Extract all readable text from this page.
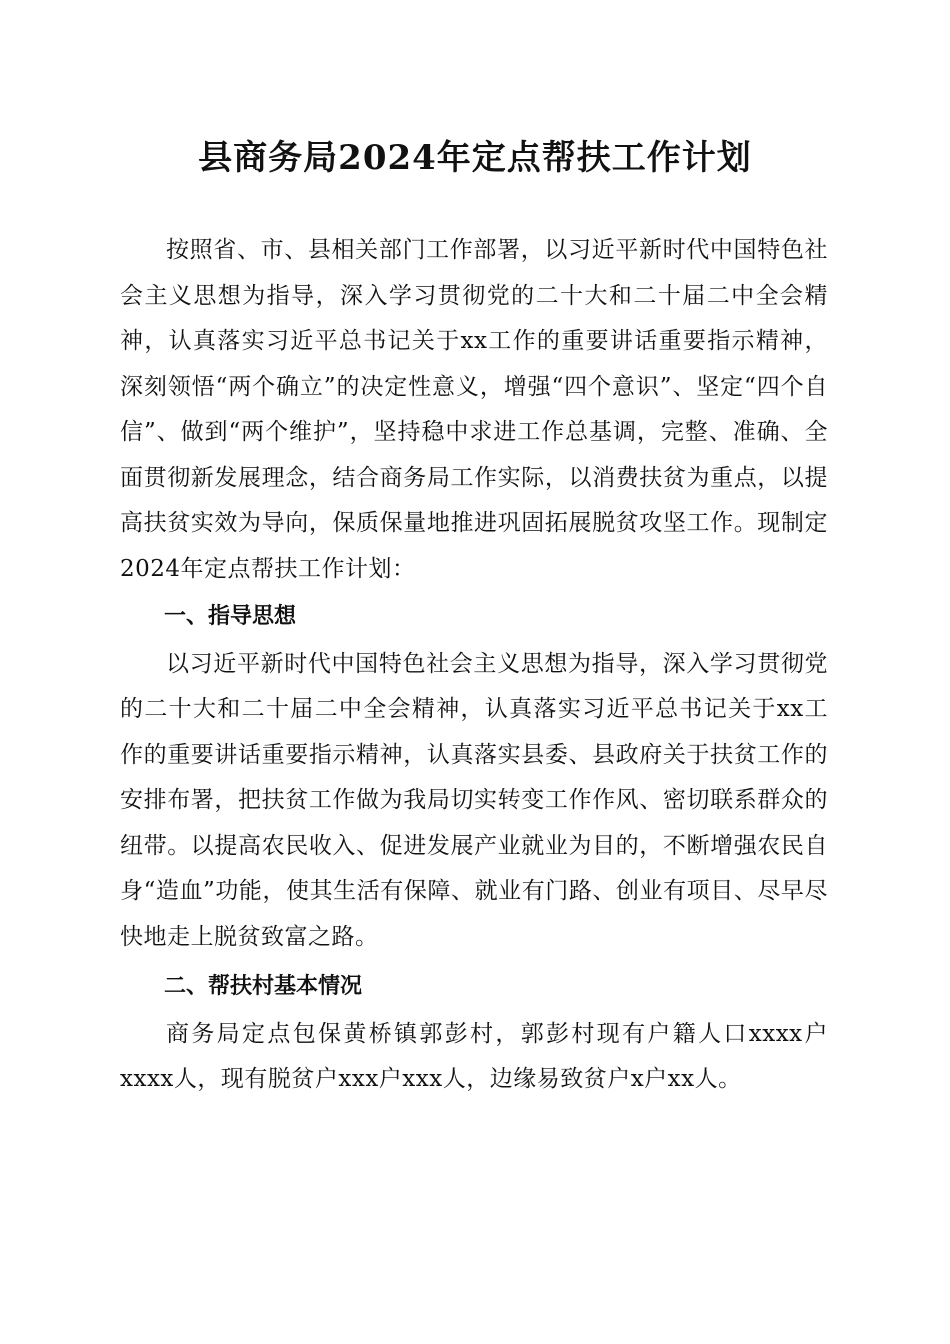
县商务局2024年定点帮扶工作计划

按照省、市、县相关部门工作部署，以习近平新时代中国特色社会主义思想为指导，深入学习贯彻党的二十大和二十届二中全会精神，认真落实习近平总书记关于xx工作的重要讲话重要指示精神，深刻领悟“两个确立”的决定性意义，增强“四个意识”、坚定“四个自信”、做到“两个维护”，坚持稳中求进工作总基调，完整、准确、全面贯彻新发展理念，结合商务局工作实际，以消费扶贫为重点，以提高扶贫实效为导向，保质保量地推进巩固拓展脱贫攻坚工作。现制定2024年定点帮扶工作计划：

一、指导思想

以习近平新时代中国特色社会主义思想为指导，深入学习贯彻党的二十大和二十届二中全会精神，认真落实习近平总书记关于xx工作的重要讲话重要指示精神，认真落实县委、县政府关于扶贫工作的安排布署，把扶贫工作做为我局切实转变工作作风、密切联系群众的纽带。以提高农民收入、促进发展产业就业为目的，不断增强农民自身“造血”功能，使其生活有保障、就业有门路、创业有项目、尽早尽快地走上脱贫致富之路。

二、帮扶村基本情况

商务局定点包保黄桥镇郭彭村，郭彭村现有户籍人口xxxx户xxxx人，现有脱贫户xxx户xxx人，边缘易致贫户x户xx人。
